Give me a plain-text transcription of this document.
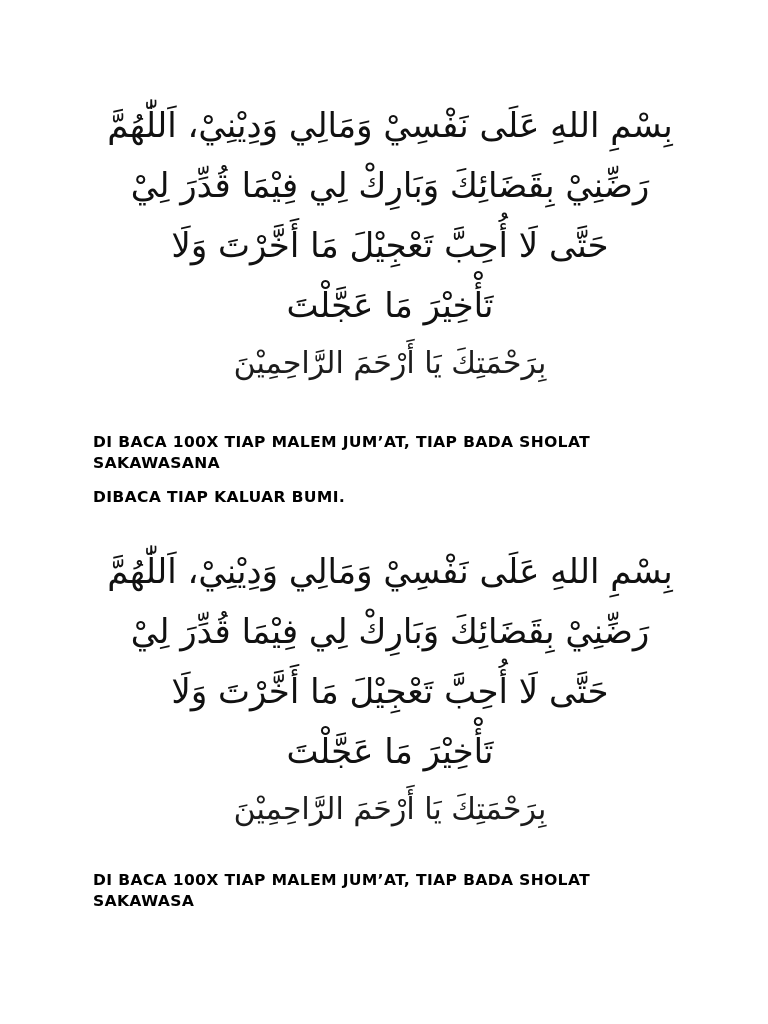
بِسْمِ اللهِ عَلَى نَفْسِيْ وَمَالِي وَدِيْنِيْ، اَللّٰهُمَّ
رَضِّنِيْ بِقَضَائِكَ وَبَارِكْ لِي فِيْمَا قُدِّرَ لِيْ
حَتَّى لَا أُحِبَّ تَعْجِيْلَ مَا أَخَّرْتَ وَلَا
تَأْخِيْرَ مَا عَجَّلْتَ
بِرَحْمَتِكَ يَا أَرْحَمَ الرَّاحِمِيْنَ
DI BACA 100X TIAP MALEM JUM’AT, TIAP BADA SHOLAT SAKAWASANA
DIBACA TIAP KALUAR BUMI.
بِسْمِ اللهِ عَلَى نَفْسِيْ وَمَالِي وَدِيْنِيْ، اَللّٰهُمَّ
رَضِّنِيْ بِقَضَائِكَ وَبَارِكْ لِي فِيْمَا قُدِّرَ لِيْ
حَتَّى لَا أُحِبَّ تَعْجِيْلَ مَا أَخَّرْتَ وَلَا
تَأْخِيْرَ مَا عَجَّلْتَ
بِرَحْمَتِكَ يَا أَرْحَمَ الرَّاحِمِيْنَ
DI BACA 100X TIAP MALEM JUM’AT, TIAP BADA SHOLAT SAKAWASA
